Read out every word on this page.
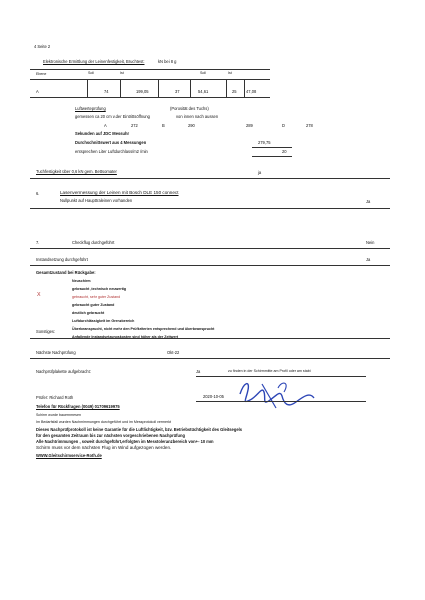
4 Seite 2
Elektronische Ermittlung der Leinenfestigkeit, Bruchtest:	kN bei 8 g
Ebene	Soll	Ist	Soll	Ist
A	74	199,05	37	54,61	25 47,08
Luftwerteprüfung	(Porosität des Tuchs)
gemessen ca 20 cm v.der Eintrittsöffnung	von innen nach aussen
A	272	B	290	289	D	278
Sekunden auf JDC Messuhr
Durchschnittswert aus 4 Messungen	279,75
entsprechen Liter Luftdurchlass/m2 /min	20
Tuchfestigkeit über 0,6 kN gem. Bettsomater	ja
6.	Lasenvermessung der Leinen mit Bosch DLE 150 connect
Nullpunkt auf Haupttraleinen vorhanden	Ja
7.	Checkflug durchgeführt	Nein
Instandsetzung durchgeführt	Ja
Gesamtzustand bei Rückgabe:
Neuschirm
gebraucht ,technisch neuwertig
X	gebraucht, sehr guter Zustand
gebraucht guter Zustand
deutlich gebraucht
Luftdurchlässigkeit im Grenzbereich
Überbeansprucht, nicht mehr den Prüfkriterien entsprechend und überbeansprucht
Anfallende Instandsetzungskosten sind höher als der Zeitwert
Sonstiges:
Nächste Nachprüfung	Okt-22
Nachprüfplakette aufgebracht:	Ja	zu finden in der Schirmmitte am Profil oder am stabi
Prüfer: Richard Roth	2020-10-05
Telefon für Rückfragen (0049) 01709619975
Schirm wurde bauernmesen
Im Bedarfsfall wurden Nachmimmungen durchgeführt und im Messprotokoll vermerkt
Dieses Nachprüfprotokoll ist keine Garantie für die Luftlichtigkeit, bzv. Betriebstüchtigkeit des Gleitsegels
für den gesamten Zeitraum bis zur nächsten vorgeschriebenen Nachprüfung
Alle Nachtrimmungen , soweit durchgeführt,erfolgten im Messtoleranzbereich von+- 10 mm
Schirm muss vor dem nächsten Flug im Wind aufgezogen werden.
WWW.Gleitschirmservice-Roth.de
